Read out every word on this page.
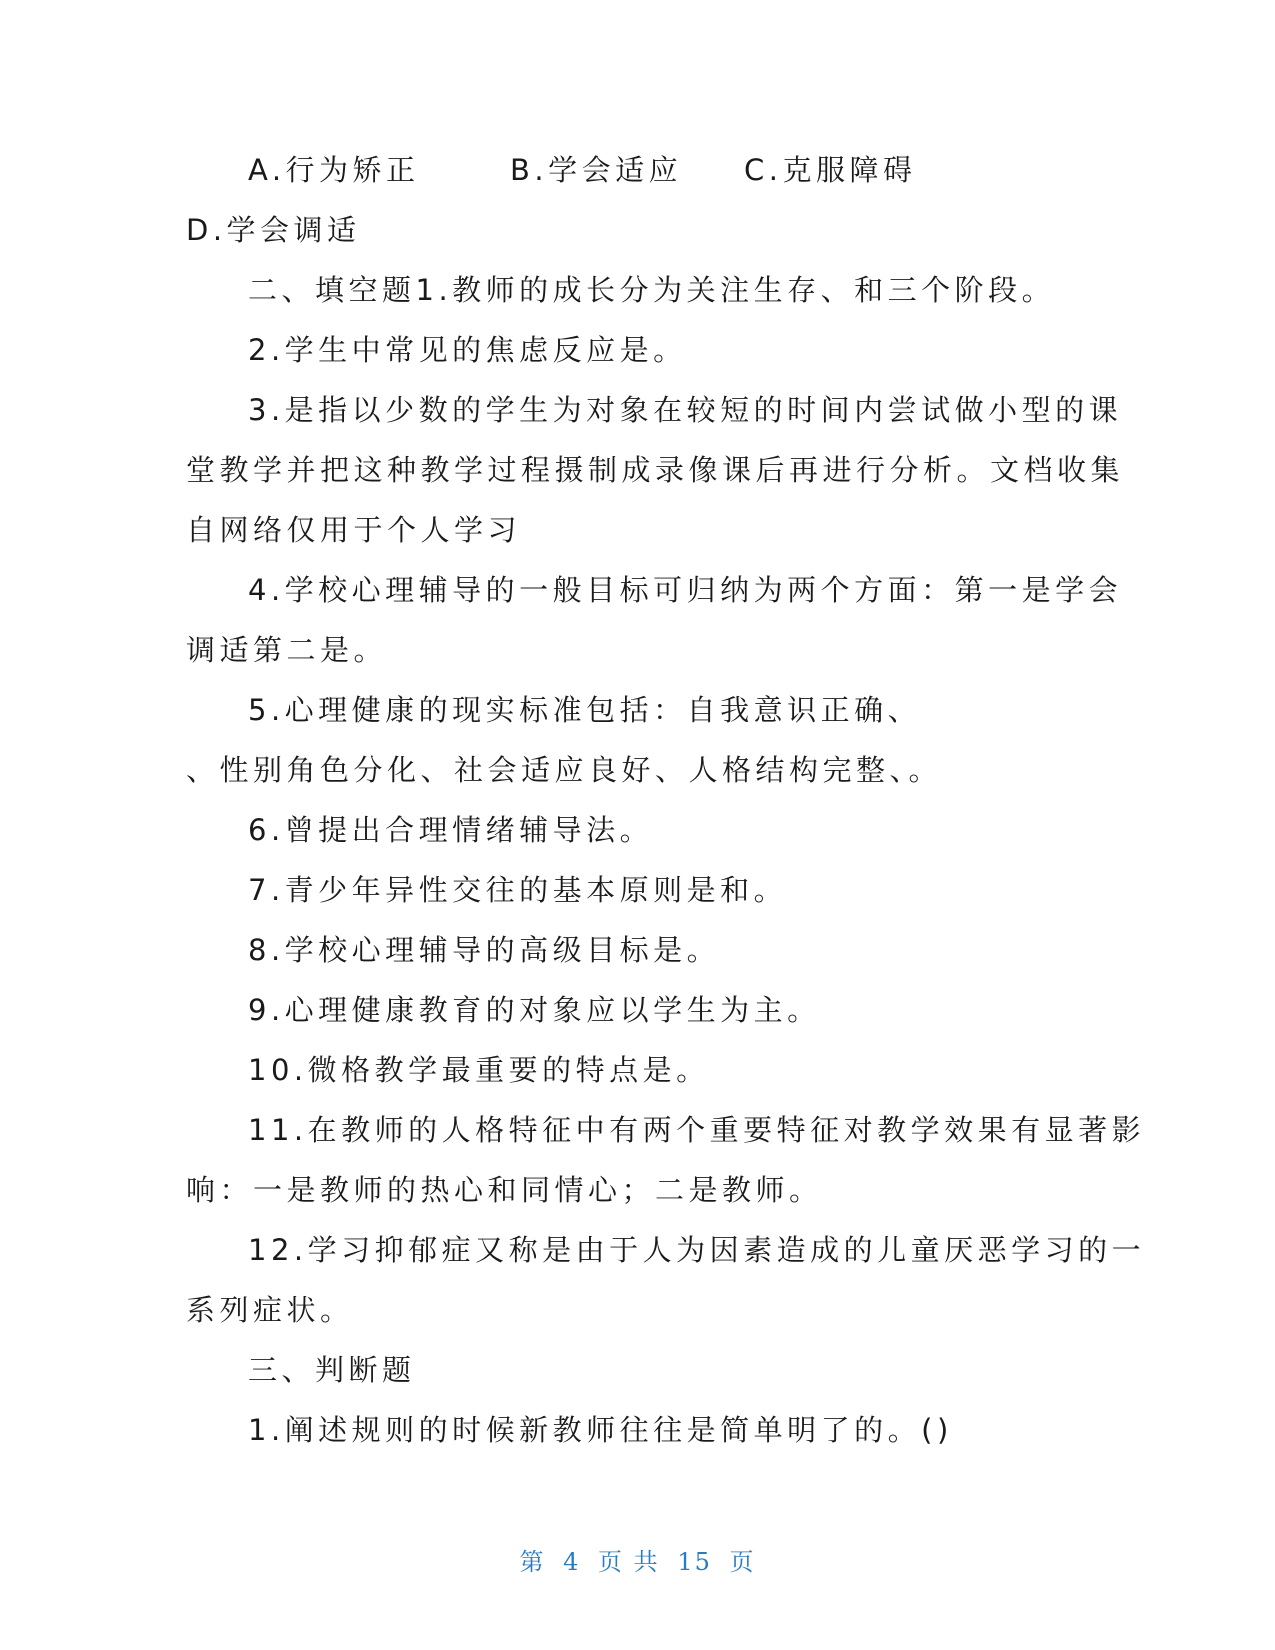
A.行为矫正	B.学会适应 C.克服障碍
D.学会调适
二、填空题1.教师的成长分为关注生存、和三个阶段。
2.学生中常见的焦虑反应是。
3.是指以少数的学生为对象在较短的时间内尝试做小型的课
堂教学并把这种教学过程摄制成录像课后再进行分析。文档收集
自网络仅用于个人学习
4.学校心理辅导的一般目标可归纳为两个方面：第一是学会
调适第二是。
5.心理健康的现实标准包括：自我意识正确、
、性别角色分化、社会适应良好、人格结构完整、。
6.曾提出合理情绪辅导法。
7.青少年异性交往的基本原则是和。
8.学校心理辅导的高级目标是。
9.心理健康教育的对象应以学生为主。
10.微格教学最重要的特点是。
11.在教师的人格特征中有两个重要特征对教学效果有显著影
响：一是教师的热心和同情心；二是教师。
12.学习抑郁症又称是由于人为因素造成的儿童厌恶学习的一
系列症状。
三、判断题
1.阐述规则的时候新教师往往是简单明了的。()
第 4 页 共 15 页
